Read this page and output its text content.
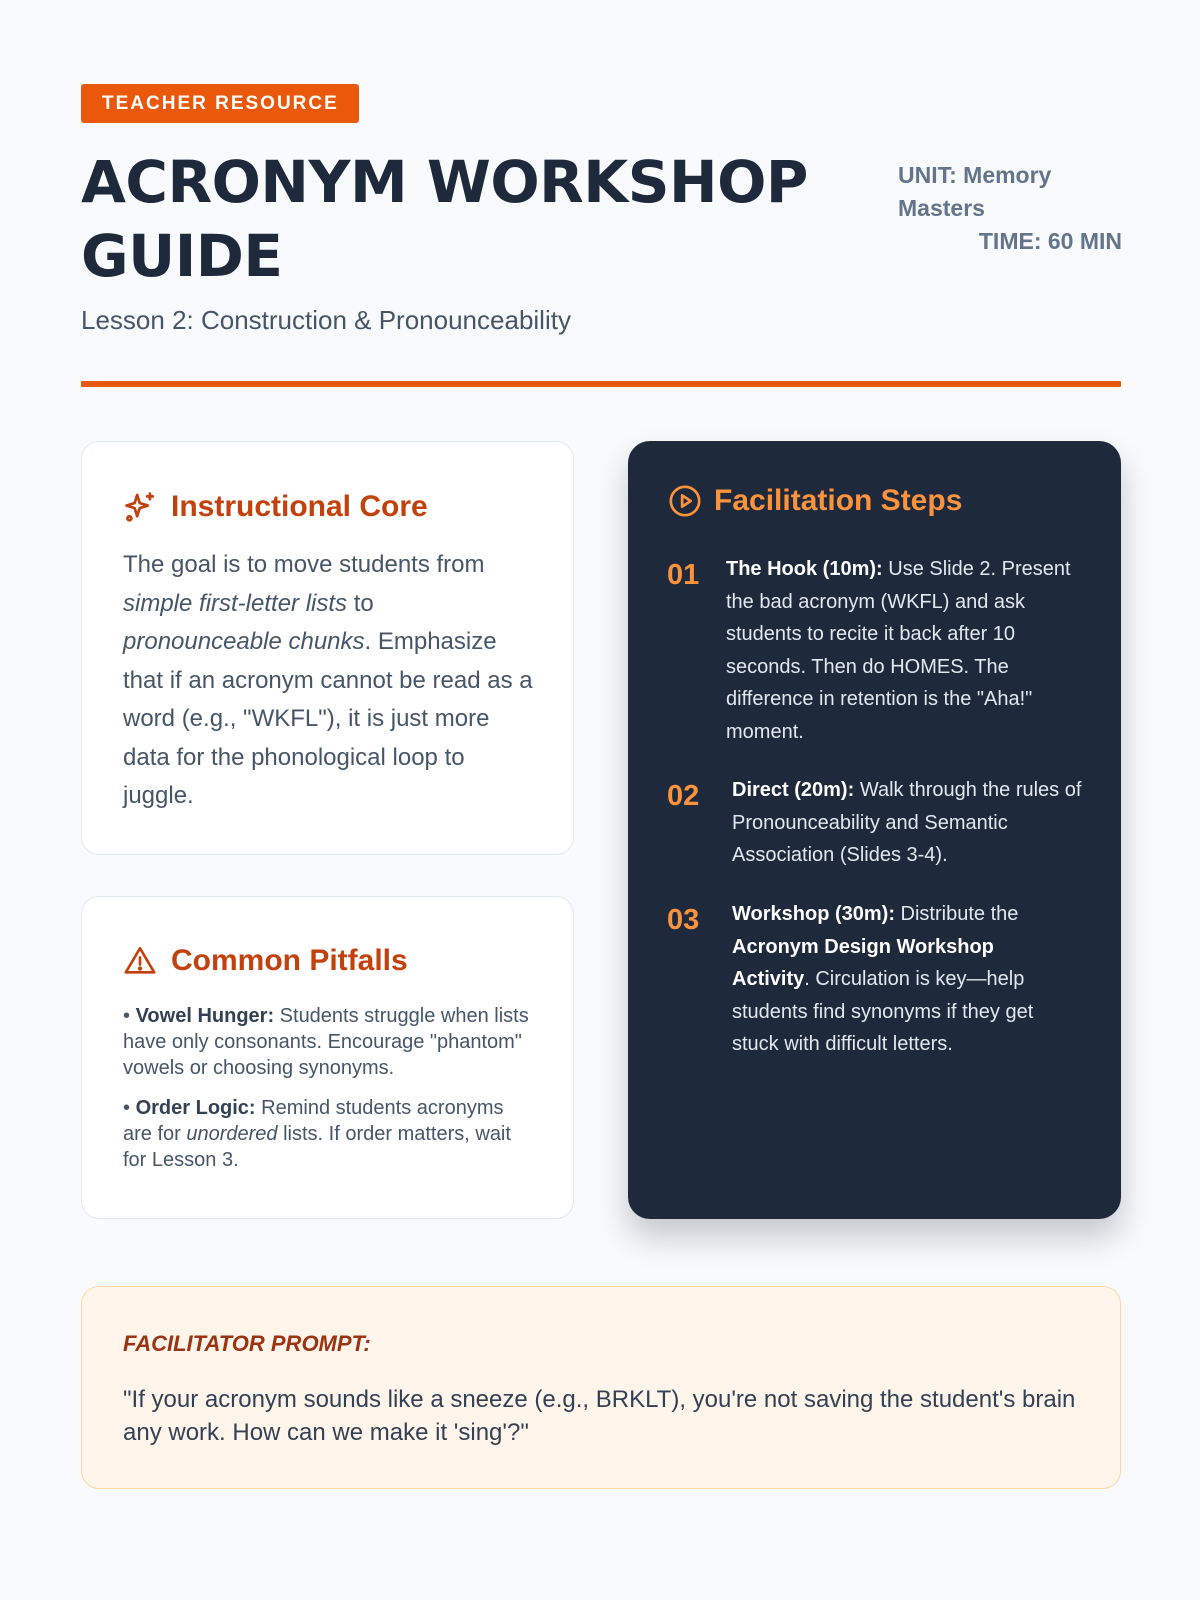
TEACHER RESOURCE
ACRONYM WORKSHOP GUIDE
UNIT: Memory Masters
TIME: 60 MIN
Lesson 2: Construction & Pronounceability
Instructional Core

The goal is to move students from simple first-letter lists to pronounceable chunks. Emphasize that if an acronym cannot be read as a word (e.g., "WKFL"), it is just more data for the phonological loop to juggle.

Common Pitfalls

• Vowel Hunger: Students struggle when lists have only consonants. Encourage "phantom" vowels or choosing synonyms.

• Order Logic: Remind students acronyms are for unordered lists. If order matters, wait for Lesson 3.

Facilitation Steps
01	The Hook (10m): Use Slide 2. Present the bad acronym (WKFL) and ask students to recite it back after 10 seconds. Then do HOMES. The difference in retention is the "Aha!" moment.
02	Direct (20m): Walk through the rules of Pronounceability and Semantic Association (Slides 3-4).
03	Workshop (30m): Distribute the Acronym Design Workshop Activity. Circulation is key—help students find synonyms if they get stuck with difficult letters.
FACILITATOR PROMPT:

"If your acronym sounds like a sneeze (e.g., BRKLT), you're not saving the student's brain any work. How can we make it 'sing'?"
